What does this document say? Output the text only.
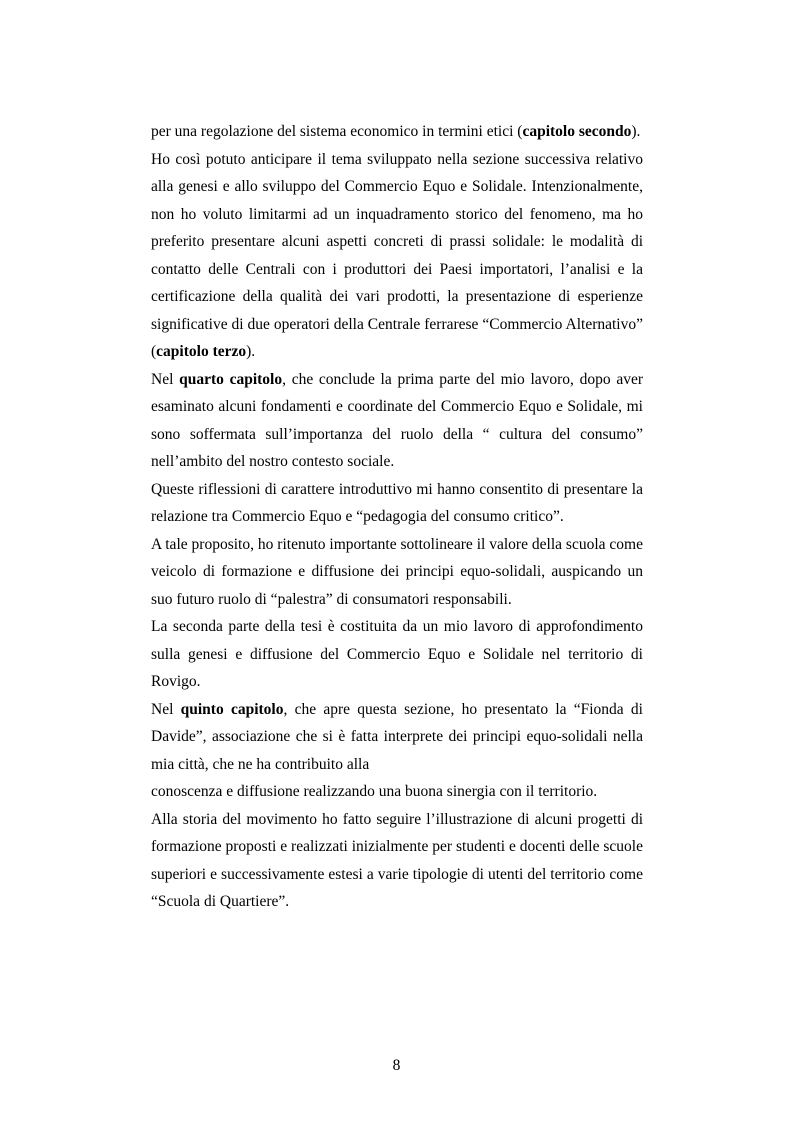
per una regolazione del sistema economico in termini etici (capitolo secondo).

Ho così potuto anticipare il tema sviluppato nella sezione successiva relativo alla genesi e allo sviluppo del Commercio Equo e Solidale. Intenzionalmente, non ho voluto limitarmi ad un inquadramento storico del fenomeno, ma ho preferito presentare alcuni aspetti concreti di prassi solidale: le modalità di contatto delle Centrali con i produttori dei Paesi importatori, l’analisi e la certificazione della qualità dei vari prodotti, la presentazione di esperienze significative di due operatori della Centrale ferrarese “Commercio Alternativo” (capitolo terzo).

Nel quarto capitolo, che conclude la prima parte del mio lavoro, dopo aver esaminato alcuni fondamenti e coordinate del Commercio Equo e Solidale, mi sono soffermata sull’importanza del ruolo della “ cultura del consumo” nell’ambito del nostro contesto sociale.

Queste riflessioni di carattere introduttivo mi hanno consentito di presentare la relazione tra Commercio Equo e “pedagogia del consumo critico”.

A tale proposito, ho ritenuto importante sottolineare il valore della scuola come veicolo di formazione e diffusione dei principi equo-solidali, auspicando un suo futuro ruolo di “palestra” di consumatori responsabili.

La seconda parte della tesi è costituita da un mio lavoro di approfondimento sulla genesi e diffusione del Commercio Equo e Solidale nel territorio di Rovigo.

Nel quinto capitolo, che apre questa sezione, ho presentato la “Fionda di Davide”, associazione che si è fatta interprete dei principi equo-solidali nella mia città, che ne ha contribuito alla

conoscenza e diffusione realizzando una buona sinergia con il territorio.

Alla storia del movimento ho fatto seguire l’illustrazione di alcuni progetti di formazione proposti e realizzati inizialmente per studenti e docenti delle scuole superiori e successivamente estesi a varie tipologie di utenti del territorio come “Scuola di Quartiere”.

8
